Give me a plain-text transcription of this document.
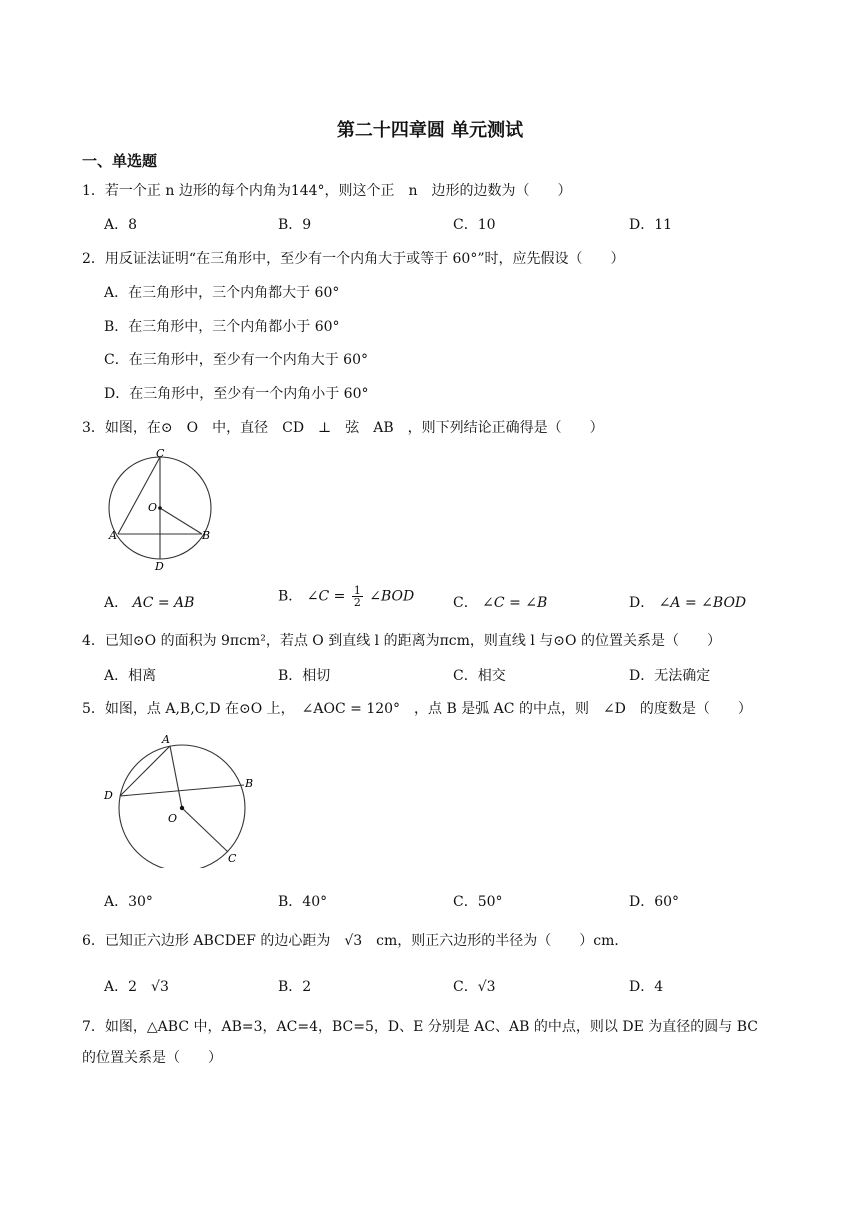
第二十四章圆 单元测试
一、单选题
1．若一个正 n 边形的每个内角为144°，则这个正　n　边形的边数为（　　）
A．8	B．9	C．10	D．11
2．用反证法证明“在三角形中，至少有一个内角大于或等于 60°”时，应先假设（　　）
A．在三角形中，三个内角都大于 60°
B．在三角形中，三个内角都小于 60°
C．在三角形中，至少有一个内角大于 60°
D．在三角形中，至少有一个内角小于 60°
3．如图，在⊙　O　中，直径　CD　⊥　弦　AB　，则下列结论正确得是（　　）
C
O
A	B
D
A． AC = AB	B． ∠C = $\frac{1}{2}$ ∠BOD	C． ∠C = ∠B	D． ∠A = ∠BOD
4．已知⊙O 的面积为 9πcm²，若点 O 到直线 l 的距离为πcm，则直线 l 与⊙O 的位置关系是（　　）
A．相离	B．相切	C．相交	D．无法确定
5．如图，点 A,B,C,D 在⊙O 上，　∠AOC = 120°　，点 B 是弧 AC 的中点，则　∠D　的度数是（　　）
A
B
D
O
C
A．30°	B．40°	C．50°	D．60°
6．已知正六边形 ABCDEF 的边心距为　√3　cm，则正六边形的半径为（　　）cm．
A．2　√3	B．2	C．√3	D．4
7．如图，△ABC 中，AB=3，AC=4，BC=5，D、E 分别是 AC、AB 的中点，则以 DE 为直径的圆与 BC
的位置关系是（　　）
